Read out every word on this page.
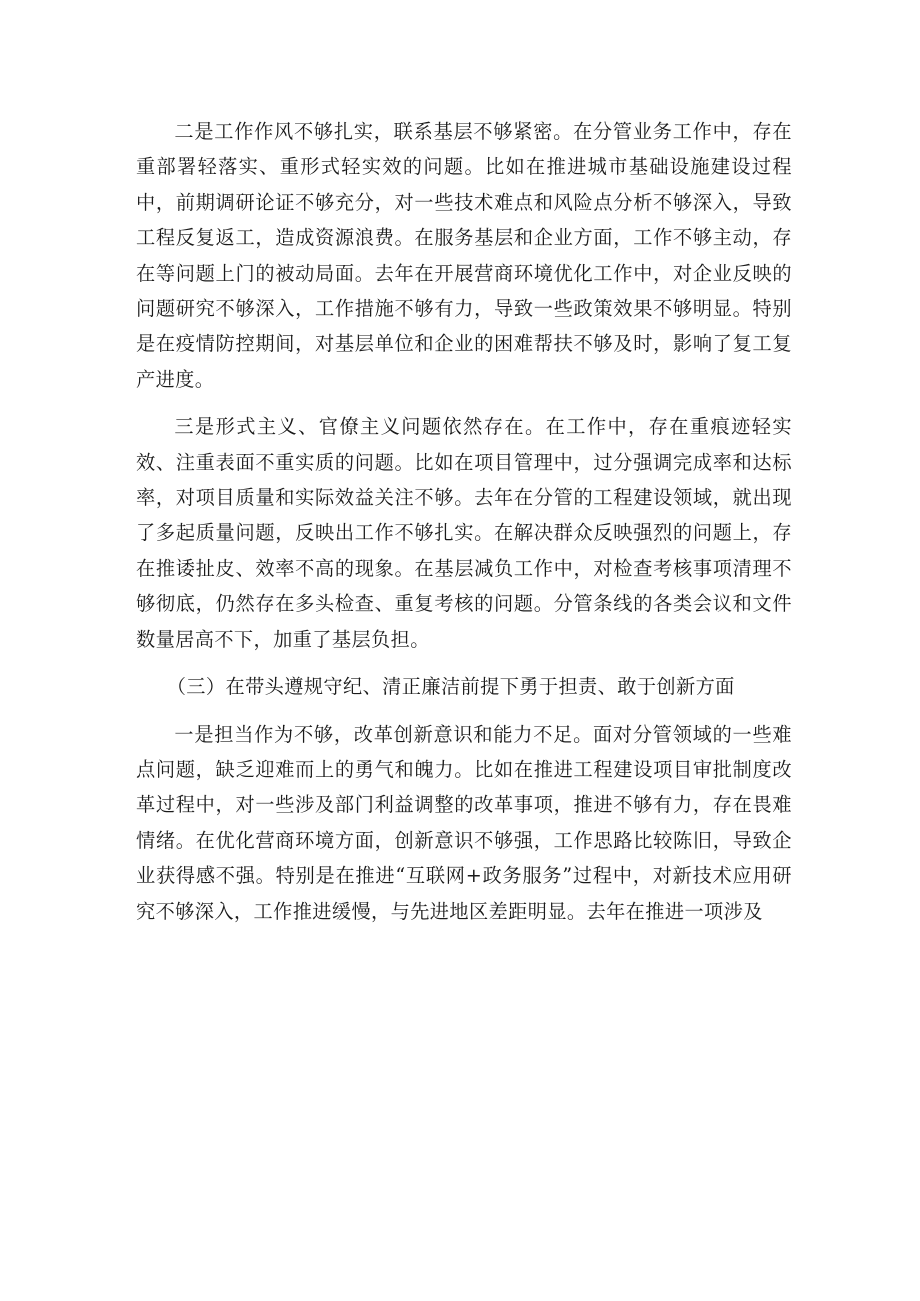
二是工作作风不够扎实，联系基层不够紧密。在分管业务工作中，存在重部署轻落实、重形式轻实效的问题。比如在推进城市基础设施建设过程中，前期调研论证不够充分，对一些技术难点和风险点分析不够深入，导致工程反复返工，造成资源浪费。在服务基层和企业方面，工作不够主动，存在等问题上门的被动局面。去年在开展营商环境优化工作中，对企业反映的问题研究不够深入，工作措施不够有力，导致一些政策效果不够明显。特别是在疫情防控期间，对基层单位和企业的困难帮扶不够及时，影响了复工复产进度。

三是形式主义、官僚主义问题依然存在。在工作中，存在重痕迹轻实效、注重表面不重实质的问题。比如在项目管理中，过分强调完成率和达标率，对项目质量和实际效益关注不够。去年在分管的工程建设领域，就出现了多起质量问题，反映出工作不够扎实。在解决群众反映强烈的问题上，存在推诿扯皮、效率不高的现象。在基层减负工作中，对检查考核事项清理不够彻底，仍然存在多头检查、重复考核的问题。分管条线的各类会议和文件数量居高不下，加重了基层负担。

（三）在带头遵规守纪、清正廉洁前提下勇于担责、敢于创新方面

一是担当作为不够，改革创新意识和能力不足。面对分管领域的一些难点问题，缺乏迎难而上的勇气和魄力。比如在推进工程建设项目审批制度改革过程中，对一些涉及部门利益调整的改革事项，推进不够有力，存在畏难情绪。在优化营商环境方面，创新意识不够强，工作思路比较陈旧，导致企业获得感不强。特别是在推进“互联网+政务服务”过程中，对新技术应用研究不够深入，工作推进缓慢，与先进地区差距明显。去年在推进一项涉及
